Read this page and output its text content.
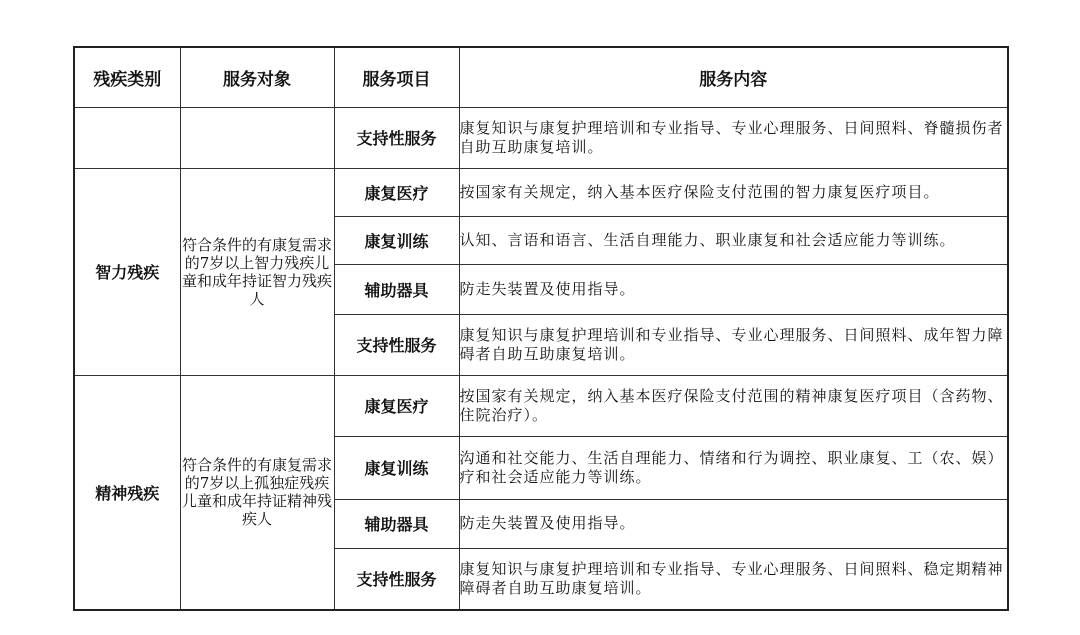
残疾类别	服务对象	服务项目	服务内容
		支持性服务	康复知识与康复护理培训和专业指导、专业心理服务、日间照料、脊髓损伤者自助互助康复培训。
智力残疾	符合条件的有康复需求的7岁以上智力残疾儿童和成年持证智力残疾人	康复医疗	按国家有关规定，纳入基本医疗保险支付范围的智力康复医疗项目。
		康复训练	认知、言语和语言、生活自理能力、职业康复和社会适应能力等训练。
		辅助器具	防走失装置及使用指导。
		支持性服务	康复知识与康复护理培训和专业指导、专业心理服务、日间照料、成年智力障碍者自助互助康复培训。
精神残疾	符合条件的有康复需求的7岁以上孤独症残疾儿童和成年持证精神残疾人	康复医疗	按国家有关规定，纳入基本医疗保险支付范围的精神康复医疗项目（含药物、住院治疗）。
		康复训练	沟通和社交能力、生活自理能力、情绪和行为调控、职业康复、工（农、娱）疗和社会适应能力等训练。
		辅助器具	防走失装置及使用指导。
		支持性服务	康复知识与康复护理培训和专业指导、专业心理服务、日间照料、稳定期精神障碍者自助互助康复培训。
